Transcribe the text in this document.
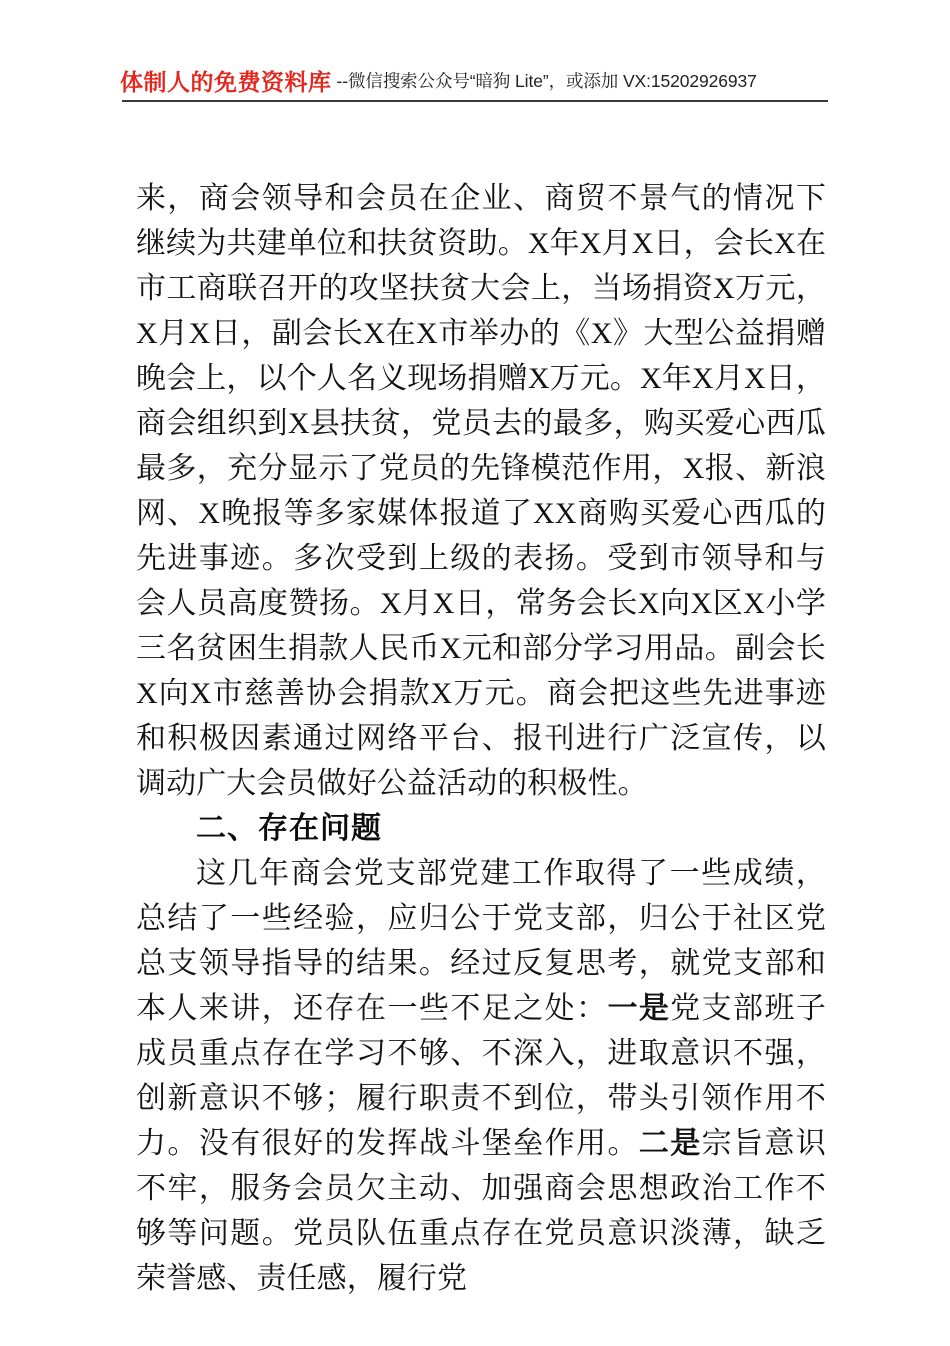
体制人的免费资料库 --微信搜索公众号“暗狗 Lite”，或添加 VX:15202926937

来，商会领导和会员在企业、商贸不景气的情况下继续为共建单位和扶贫资助。X年X月X日，会长X在市工商联召开的攻坚扶贫大会上，当场捐资X万元，X月X日，副会长X在X市举办的《X》大型公益捐赠晚会上，以个人名义现场捐赠X万元。X年X月X日，商会组织到X县扶贫，党员去的最多，购买爱心西瓜最多，充分显示了党员的先锋模范作用，X报、新浪网、X晚报等多家媒体报道了XX商购买爱心西瓜的先进事迹。多次受到上级的表扬。受到市领导和与会人员高度赞扬。X月X日，常务会长X向X区X小学三名贫困生捐款人民币X元和部分学习用品。副会长X向X市慈善协会捐款X万元。商会把这些先进事迹和积极因素通过网络平台、报刊进行广泛宣传，以调动广大会员做好公益活动的积极性。

二、存在问题

这几年商会党支部党建工作取得了一些成绩，总结了一些经验，应归公于党支部，归公于社区党总支领导指导的结果。经过反复思考，就党支部和本人来讲，还存在一些不足之处：一是党支部班子成员重点存在学习不够、不深入，进取意识不强，创新意识不够；履行职责不到位，带头引领作用不力。没有很好的发挥战斗堡垒作用。二是宗旨意识不牢，服务会员欠主动、加强商会思想政治工作不够等问题。党员队伍重点存在党员意识淡薄，缺乏荣誉感、责任感，履行党
